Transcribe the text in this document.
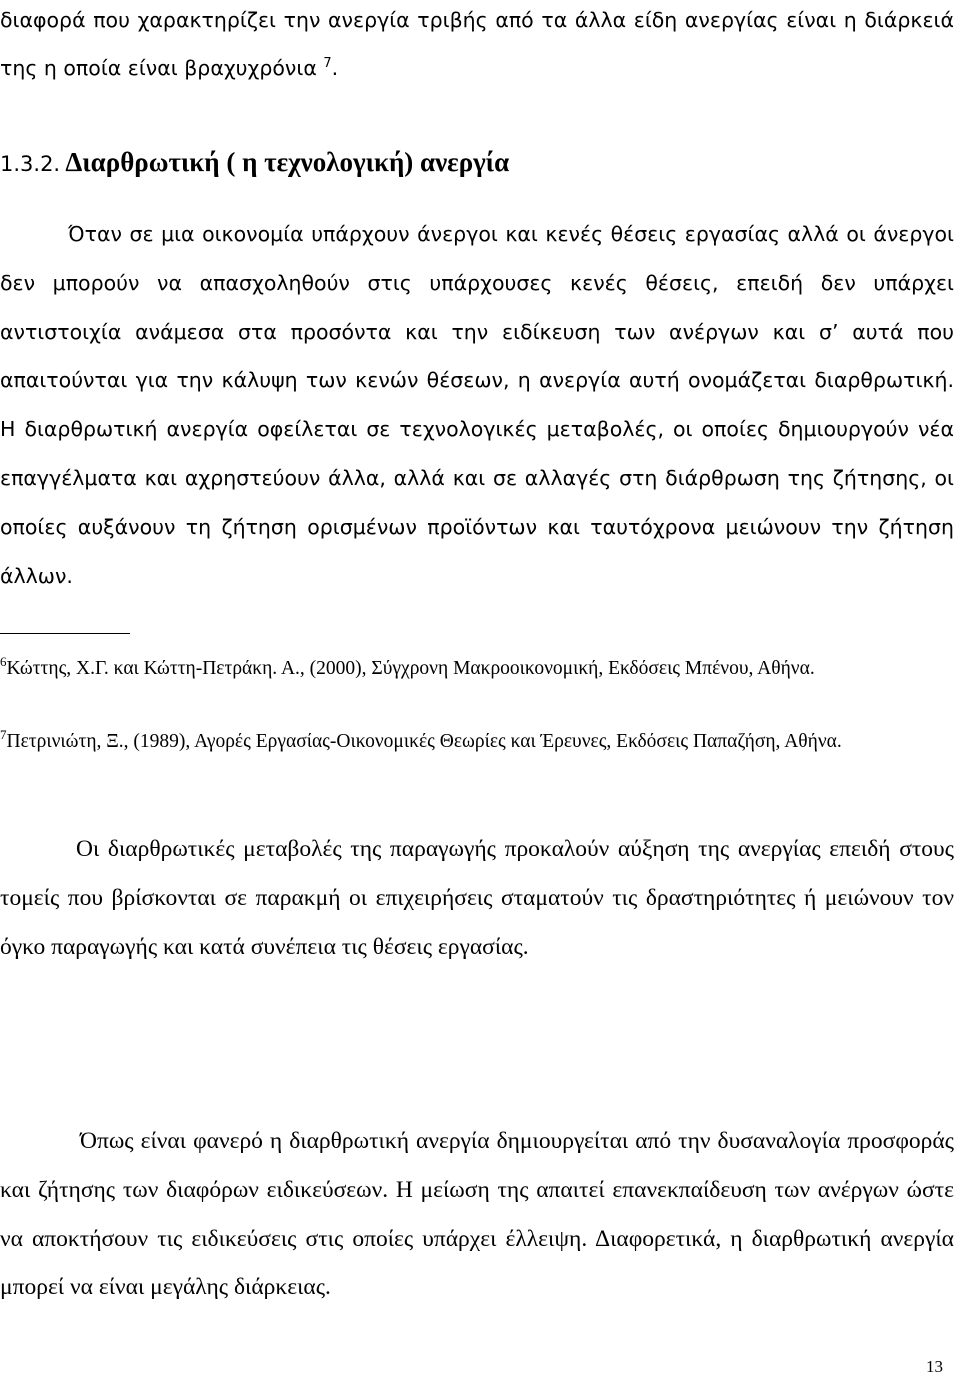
διαφορά που χαρακτηρίζει την ανεργία τριβής από τα άλλα είδη ανεργίας είναι η διάρκειά της η οποία είναι βραχυχρόνια $^7$.

1.3.2. Διαρθρωτική ( η τεχνολογική) ανεργία

Όταν σε μια οικονομία υπάρχουν άνεργοι και κενές θέσεις εργασίας αλλά οι άνεργοι δεν μπορούν να απασχοληθούν στις υπάρχουσες κενές θέσεις, επειδή δεν υπάρχει αντιστοιχία ανάμεσα στα προσόντα και την ειδίκευση των ανέργων και σ’ αυτά που απαιτούνται για την κάλυψη των κενών θέσεων, η ανεργία αυτή ονομάζεται διαρθρωτική. Η διαρθρωτική ανεργία οφείλεται σε τεχνολογικές μεταβολές, οι οποίες δημιουργούν νέα επαγγέλματα και αχρηστεύουν άλλα, αλλά και σε αλλαγές στη διάρθρωση της ζήτησης, οι οποίες αυξάνουν τη ζήτηση ορισμένων προϊόντων και ταυτόχρονα μειώνουν την ζήτηση άλλων.

$^6$Κώττης, Χ.Γ. και Κώττη-Πετράκη. Α., (2000), Σύγχρονη Μακροοικονομική, Εκδόσεις Μπένου, Αθήνα.

$^7$Πετρινιώτη, Ξ., (1989), Αγορές Εργασίας-Οικονομικές Θεωρίες και Έρευνες, Εκδόσεις Παπαζήση, Αθήνα.

Οι διαρθρωτικές μεταβολές της παραγωγής προκαλούν αύξηση της ανεργίας επειδή στους τομείς που βρίσκονται σε παρακμή οι επιχειρήσεις σταματούν τις δραστηριότητες ή μειώνουν τον όγκο παραγωγής και κατά συνέπεια τις θέσεις εργασίας.

Όπως είναι φανερό η διαρθρωτική ανεργία δημιουργείται από την δυσαναλογία προσφοράς και ζήτησης των διαφόρων ειδικεύσεων. Η μείωση της απαιτεί επανεκπαίδευση των ανέργων ώστε να αποκτήσουν τις ειδικεύσεις στις οποίες υπάρχει έλλειψη. Διαφορετικά, η διαρθρωτική ανεργία μπορεί να είναι μεγάλης διάρκειας.

13
